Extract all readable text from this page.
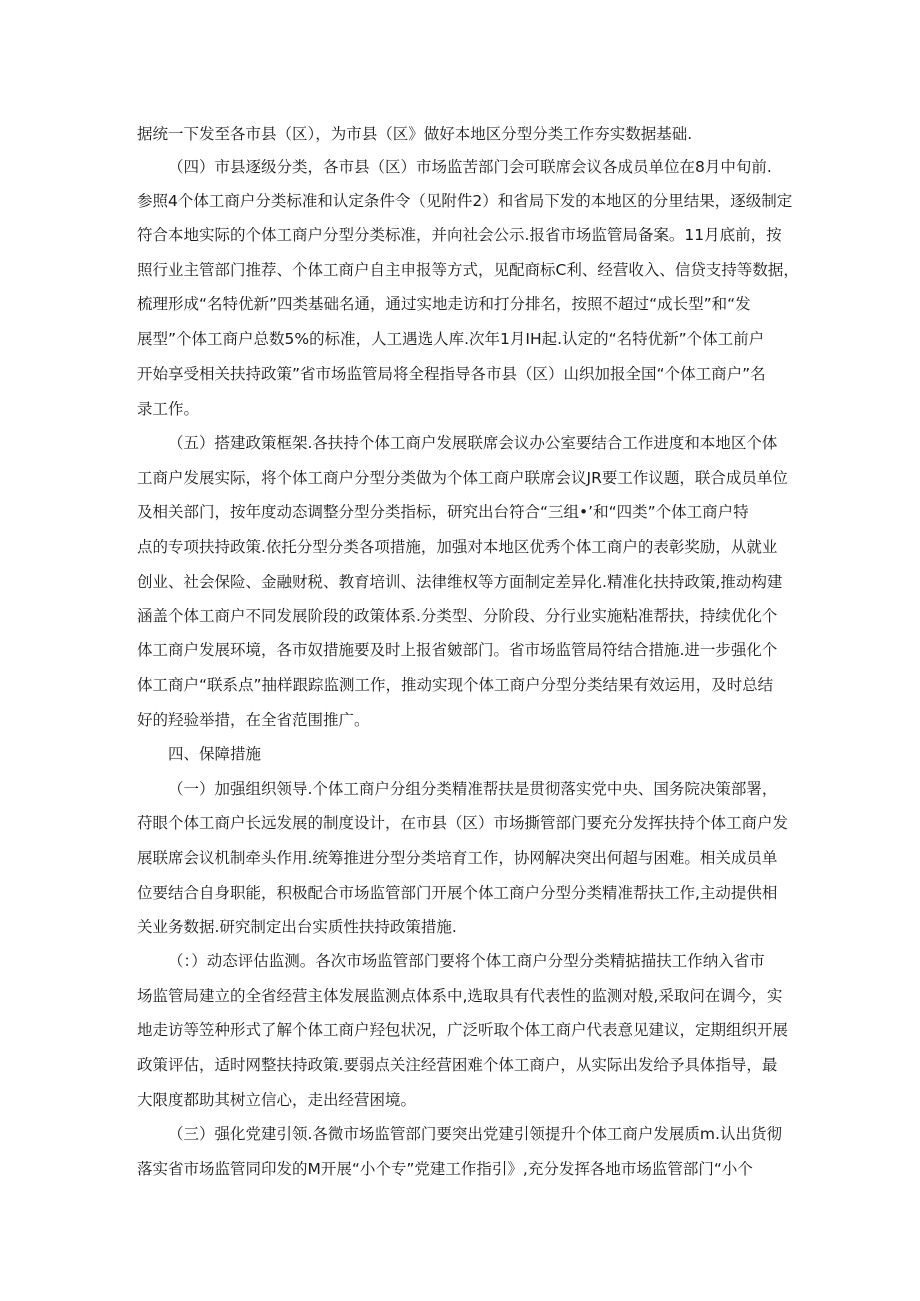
据统一下发至各市县（区），为市县（区》做好本地区分型分类工作夯实数据基础.
（四）市县逐级分类，各市县（区）市场监苦部门会可联席会议各成员单位在8月中旬前.
参照4个体工商户分类标准和认定条件令（见附件2）和省局下发的本地区的分里结果，逐级制定
符合本地实际的个体工商户分型分类标准，并向社会公示.报省市场监管局备案。11月底前，按
照行业主管部门推荐、个体工商户自主申报等方式，见配商标C利、经营收入、信贷支持等数据，
梳理形成“名特优新”四类基础名通，通过实地走访和打分排名，按照不超过“成长型”和“发
展型”个体工商户总数5%的标准，人工遇选人库.次年1月IH起.认定的“名特优新”个体工前户
开始享受相关扶持政策”省市场监管局将全程指导各市县（区）山织加报全国“个体工商户”名
录工作。
（五）搭建政策框架.各扶持个体工商户发展联席会议办公室要结合工作进度和本地区个体
工商户发展实际，将个体工商户分型分类做为个体工商户联席会议JR要工作议题，联合成员单位
及相关部门，按年度动态调整分型分类指标，研究出台符合“三组•’和“四类”个体工商户特
点的专项扶持政策.依托分型分类各项措施，加强对本地区优秀个体工商户的表彰奖励，从就业
创业、社会保险、金融财税、教育培训、法律维权等方面制定差异化.精准化扶持政策,推动构建
涵盖个体工商户不同发展阶段的政策体系.分类型、分阶段、分行业实施粘准帮扶，持续优化个
体工商户发展环境，各市奴措施要及时上报省皴部门。省市场监管局符结合措施.进一步强化个
体工商户“联系点”抽样跟踪监测工作，推动实现个体工商户分型分类结果有效运用，及时总结
好的羟验举措，在全省范围推广。
四、保障措施
（一）加强组织领导.个体工商户分组分类精准帮扶是贯彻落实党中央、国务院决策部署，
苻眼个体工商户长远发展的制度设计，在市县（区）市场撕管部门要充分发挥扶持个体工商户发
展联席会议机制牵头作用.统筹推进分型分类培育工作，协网解决突出何超与困难。相关成员单
位要结合自身职能，积极配合市场监管部门开展个体工商户分型分类精准帮扶工作,主动提供相
关业务数据.研究制定出台实质性扶持政策措施.
（：）动态评估监测。各次市场监管部门要将个体工商户分型分类精掂描扶工作纳入省市
场监管局建立的全省经营主体发展监测点体系中,选取具有代表性的监测对般,采取问在调今，实
地走访等笠种形式了解个体工商户羟包状况，广泛听取个体工商户代表意见建议，定期组织开展
政策评估，适时网整扶持政策.要弱点关注经营困难个体工商户，从实际出发给予具体指导，最
大限度都助其树立信心，走出经营困境。
（三）强化党建引领.各微市场监管部门要突出党建引领提升个体工商户发展质m.认出货彻
落实省市场监管同印发的M开展“小个专”党建工作指引》,充分发挥各地市场监管部门“小个
